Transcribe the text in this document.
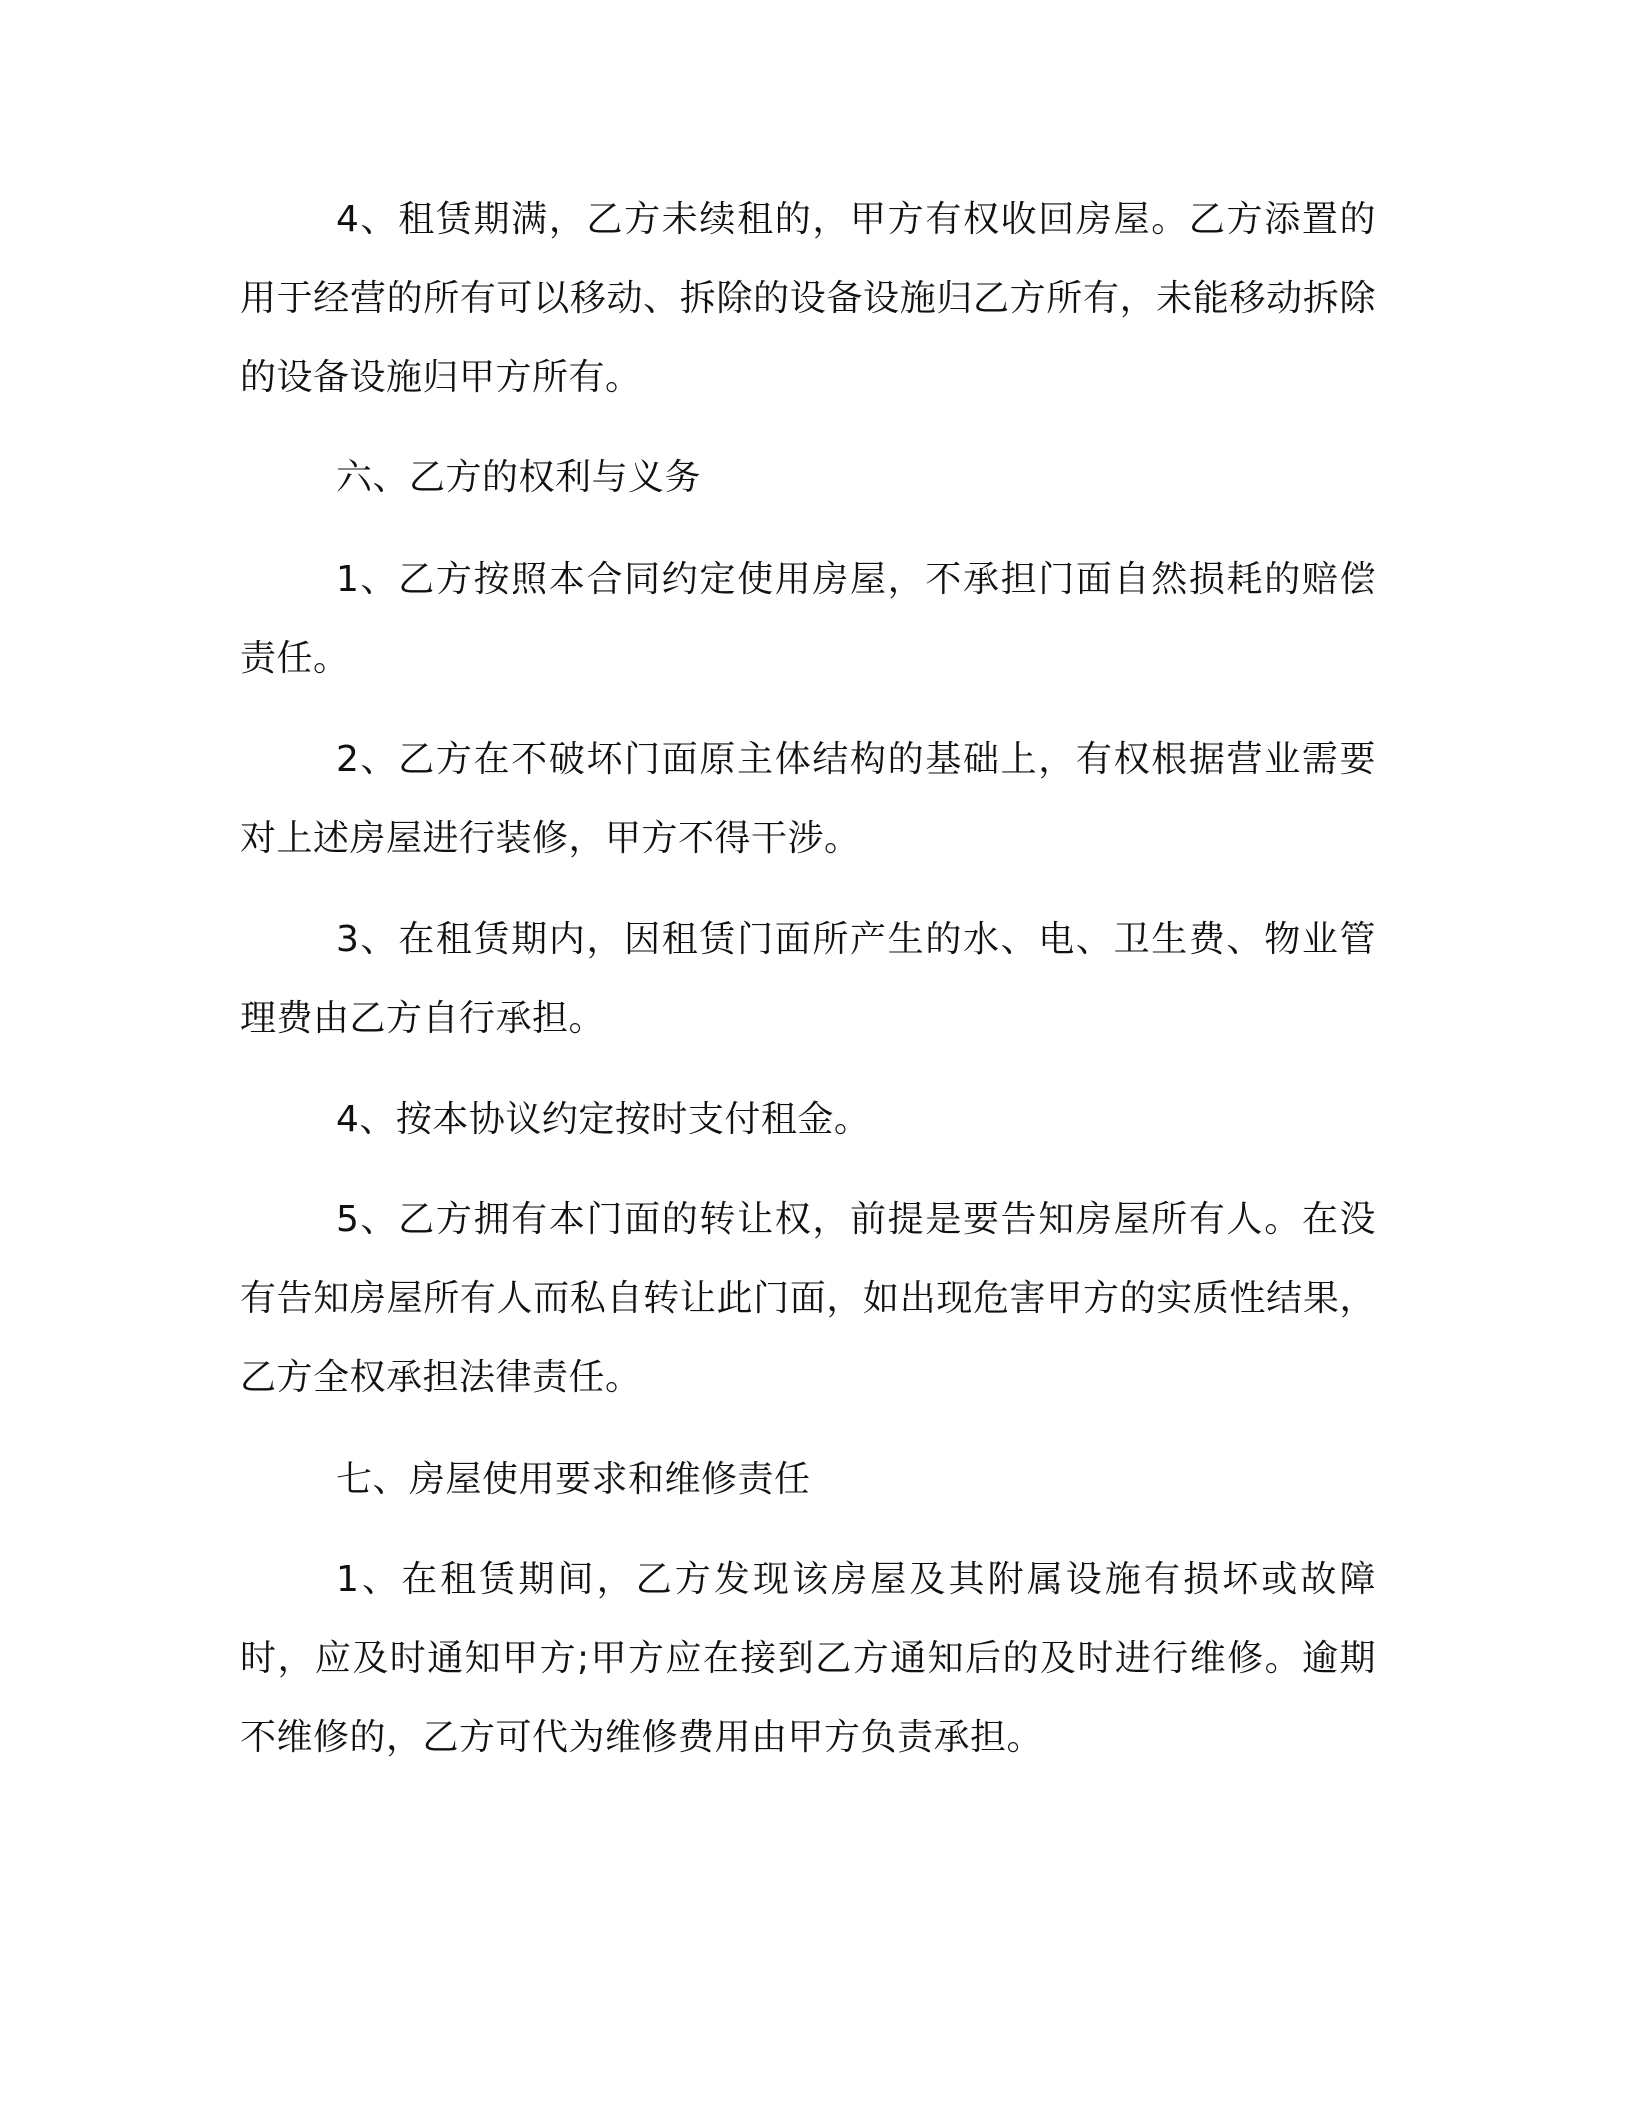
4、租赁期满，乙方未续租的，甲方有权收回房屋。乙方添置的用于经营的所有可以移动、拆除的设备设施归乙方所有，未能移动拆除的设备设施归甲方所有。

六、乙方的权利与义务

1、乙方按照本合同约定使用房屋，不承担门面自然损耗的赔偿责任。

2、乙方在不破坏门面原主体结构的基础上，有权根据营业需要对上述房屋进行装修，甲方不得干涉。

3、在租赁期内，因租赁门面所产生的水、电、卫生费、物业管理费由乙方自行承担。

4、按本协议约定按时支付租金。

5、乙方拥有本门面的转让权，前提是要告知房屋所有人。在没有告知房屋所有人而私自转让此门面，如出现危害甲方的实质性结果，乙方全权承担法律责任。

七、房屋使用要求和维修责任

1、在租赁期间，乙方发现该房屋及其附属设施有损坏或故障时，应及时通知甲方;甲方应在接到乙方通知后的及时进行维修。逾期不维修的，乙方可代为维修费用由甲方负责承担。
